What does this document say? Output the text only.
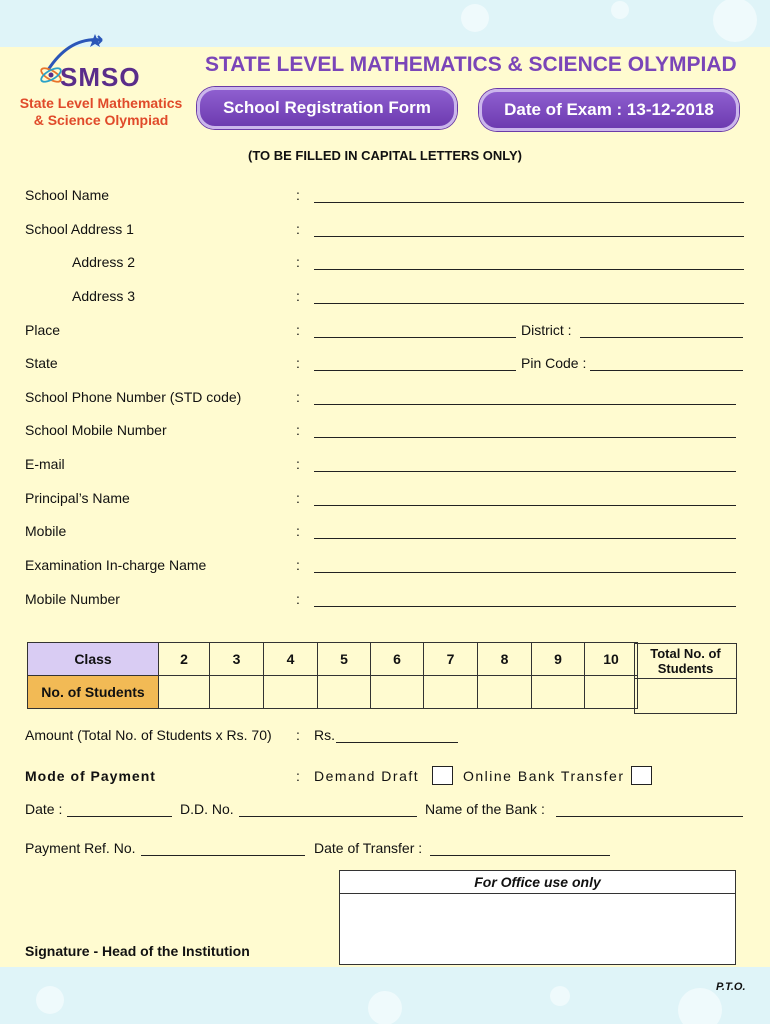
SMSO
State Level Mathematics
& Science Olympiad
STATE LEVEL MATHEMATICS & SCIENCE OLYMPIAD
School Registration Form	Date of Exam : 13-12-2018
(TO BE FILLED IN CAPITAL LETTERS ONLY)
School Name	:
School Address 1	:
Address 2	:
Address 3	:
Place	:	District :
State	:	Pin Code :
School Phone Number (STD code)	:
School Mobile Number	:
E-mail	:
Principal’s Name	:
Mobile	:
Examination In-charge Name	:
Mobile Number	:
Class	2	3	4	5	6	7	8	9	10
No. of Students									
Total No. of
Students
Amount (Total No. of Students x Rs. 70) : Rs.
Mode of Payment	: Demand Draft	Online Bank Transfer
Date :	D.D. No.	Name of the Bank :
Payment Ref. No.	Date of Transfer :
For Office use only
Signature - Head of the Institution
P.T.O.
